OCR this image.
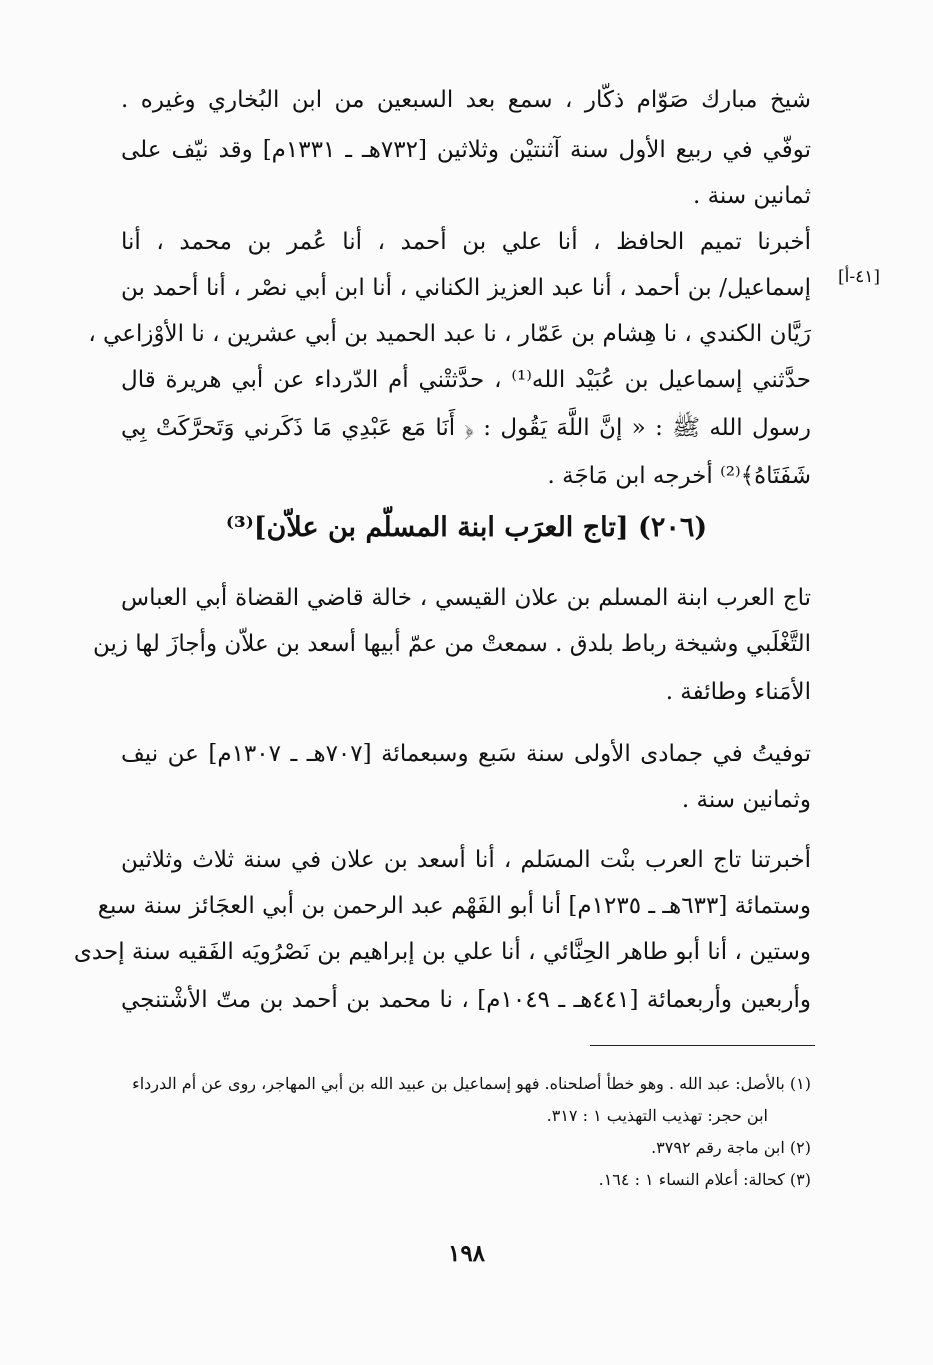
شيخ مبارك صَوّام ذكّار ، سمع بعد السبعين من ابن البُخاري وغيره .
توفّي في ربيع الأول سنة آثنتيْن وثلاثين [٧٣٢هـ ـ ١٣٣١م] وقد نيّف على
ثمانين سنة .
أخبرنا تميم الحافظ ، أنا علي بن أحمد ، أنا عُمر بن محمد ، أنا
إسماعيل/ بن أحمد ، أنا عبد العزيز الكناني ، أنا ابن أبي نصْر ، أنا أحمد بن
رَيَّان الكندي ، نا هِشام بن عَمّار ، نا عبد الحميد بن أبي عشرين ، نا الأوْزاعي ،
حدَّثني إسماعيل بن عُبَيْد الله⁽¹⁾ ، حدَّثتْني أم الدّرداء عن أبي هريرة قال
رسول الله ﷺ : « إنَّ اللَّهَ يَقُول : ﴿ أَنَا مَع عَبْدِي مَا ذَكَرني وَتَحرَّكَتْ بِي
شَفَتَاهُ﴾⁽²⁾ أخرجه ابن مَاجَة .
[٤١-أ]
(٢٠٦) [تاج العرَب ابنة المسلّم بن علاّن]⁽³⁾
تاج العرب ابنة المسلم بن علان القيسي ، خالة قاضي القضاة أبي العباس
التَّغْلَبي وشيخة رباط بلدق . سمعتْ من عمّ أبيها أسعد بن علاّن وأجازَ لها زين
الأمَناء وطائفة .
توفيتُ في جمادى الأولى سنة سَبع وسبعمائة [٧٠٧هـ ـ ١٣٠٧م] عن نيف
وثمانين سنة .
أخبرتنا تاج العرب بنْت المسَلم ، أنا أسعد بن علان في سنة ثلاث وثلاثين
وستمائة [٦٣٣هـ ـ ١٢٣٥م] أنا أبو الفَهْم عبد الرحمن بن أبي العجَائز سنة سبع
وستين ، أنا أبو طاهر الحِنَّائي ، أنا علي بن إبراهيم بن نَصْرُويَه الفَقيه سنة إحدى
وأربعين وأربعمائة [٤٤١هـ ـ ١٠٤٩م] ، نا محمد بن أحمد بن متّ الأشْتنجي
(١) بالأصل: عبد الله . وهو خطأ أصلحناه. فهو إسماعيل بن عبيد الله بن أبي المهاجر، روى عن أم الدرداء
ابن حجر: تهذيب التهذيب ١ : ٣١٧.
(٢) ابن ماجة رقم ٣٧٩٢.
(٣) كحالة: أعلام النساء ١ : ١٦٤.
١٩٨
